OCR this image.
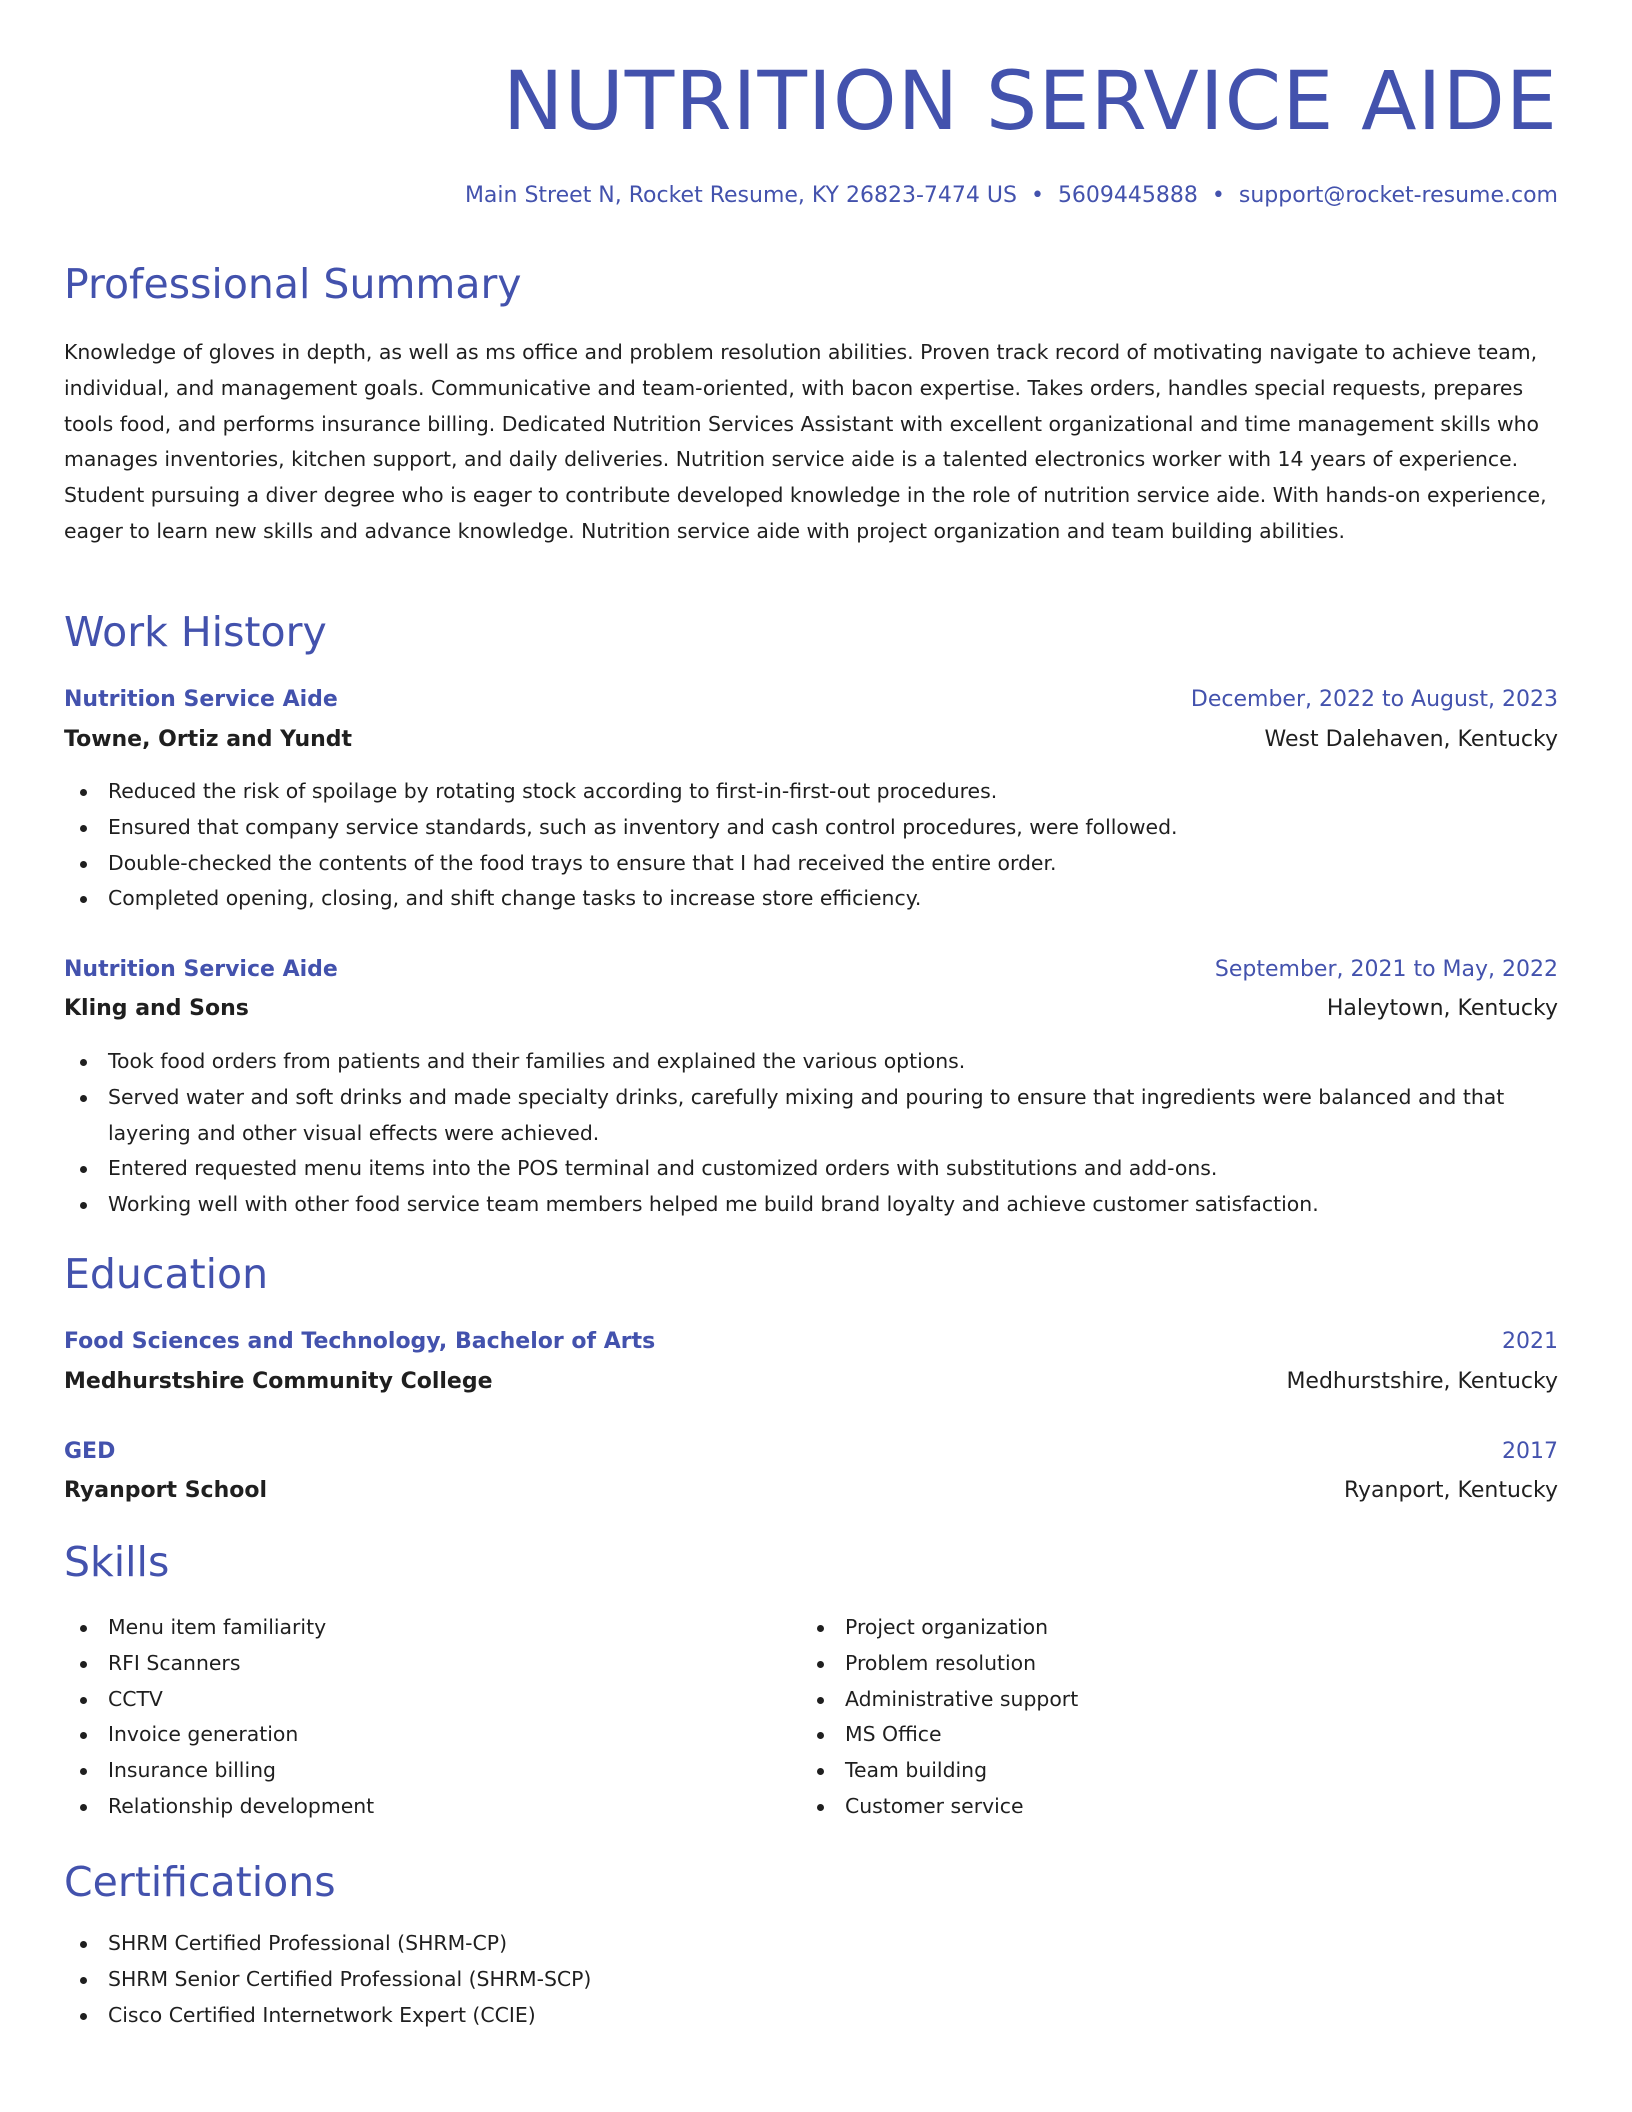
NUTRITION SERVICE AIDE
Main Street N, Rocket Resume, KY 26823-7474 US • 5609445888 • support@rocket-resume.com
Professional Summary

Knowledge of gloves in depth, as well as ms office and problem resolution abilities. Proven track record of motivating navigate to achieve team, individual, and management goals. Communicative and team-oriented, with bacon expertise. Takes orders, handles special requests, prepares tools food, and performs insurance billing. Dedicated Nutrition Services Assistant with excellent organizational and time management skills who manages inventories, kitchen support, and daily deliveries. Nutrition service aide is a talented electronics worker with 14 years of experience. Student pursuing a diver degree who is eager to contribute developed knowledge in the role of nutrition service aide. With hands-on experience, eager to learn new skills and advance knowledge. Nutrition service aide with project organization and team building abilities.

Work History
Nutrition Service Aide	December, 2022 to August, 2023
Towne, Ortiz and Yundt	West Dalehaven, Kentucky
Reduced the risk of spoilage by rotating stock according to first-in-first-out procedures.
Ensured that company service standards, such as inventory and cash control procedures, were followed.
Double-checked the contents of the food trays to ensure that I had received the entire order.
Completed opening, closing, and shift change tasks to increase store efficiency.
Nutrition Service Aide	September, 2021 to May, 2022
Kling and Sons	Haleytown, Kentucky
Took food orders from patients and their families and explained the various options.
Served water and soft drinks and made specialty drinks, carefully mixing and pouring to ensure that ingredients were balanced and that layering and other visual effects were achieved.
Entered requested menu items into the POS terminal and customized orders with substitutions and add-ons.
Working well with other food service team members helped me build brand loyalty and achieve customer satisfaction.
Education
Food Sciences and Technology, Bachelor of Arts	2021
Medhurstshire Community College	Medhurstshire, Kentucky
GED	2017
Ryanport School	Ryanport, Kentucky
Skills
Menu item familiarity
RFI Scanners
CCTV
Invoice generation
Insurance billing
Relationship development
Project organization
Problem resolution
Administrative support
MS Office
Team building
Customer service
Certifications
SHRM Certified Professional (SHRM-CP)
SHRM Senior Certified Professional (SHRM-SCP)
Cisco Certified Internetwork Expert (CCIE)
